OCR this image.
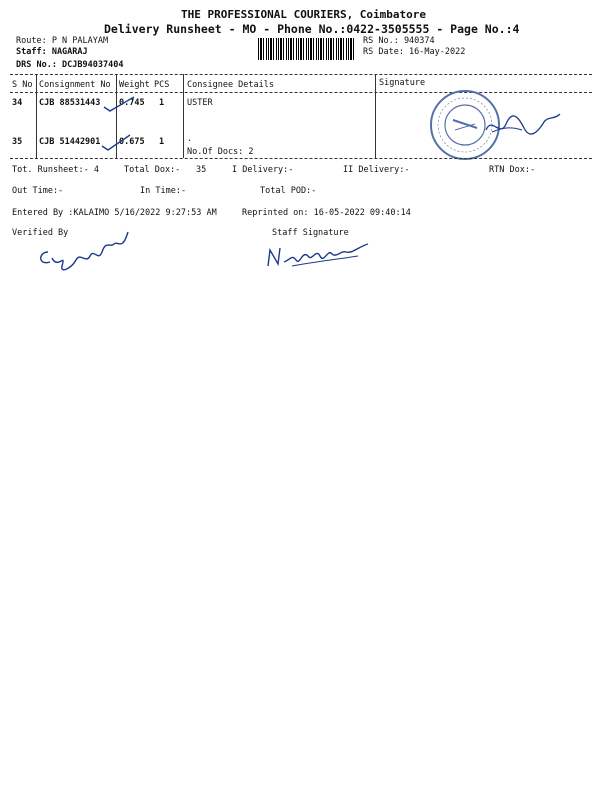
THE PROFESSIONAL COURIERS, Coimbatore
Delivery Runsheet - MO - Phone No.:0422-3505555 - Page No.:4
Route: P N PALAYAM
Staff: NAGARAJ
DRS No.: DCJB94037404
RS No.: 940374
RS Date: 16-May-2022
S No Consignment No Weight PCS Consignee Details	Signature
34 CJB 88531443 0.745 1	USTER
35 CJB 51442901 0.675 1	.
No.Of Docs: 2
Tot. Runsheet:- 4	Total Dox:- 35	I Delivery:-	II Delivery:-	RTN Dox:-
Out Time:-	In Time:-	Total POD:-
Entered By :KALAIMO 5/16/2022 9:27:53 AM	Reprinted on: 16-05-2022 09:40:14
Verified By	Staff Signature
